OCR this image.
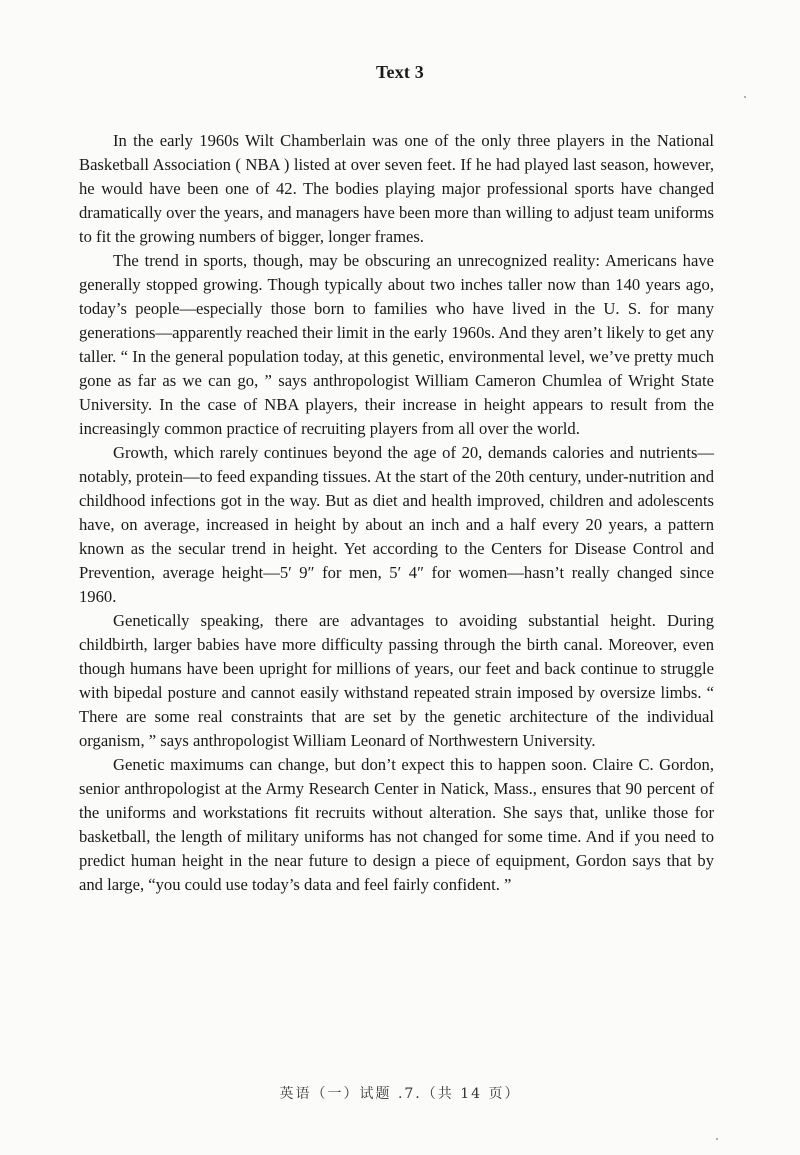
Text 3

In the early 1960s Wilt Chamberlain was one of the only three players in the National Basketball Association ( NBA ) listed at over seven feet. If he had played last season, however, he would have been one of 42. The bodies playing major professional sports have changed dramatically over the years, and managers have been more than willing to adjust team uniforms to fit the growing numbers of bigger, longer frames.

The trend in sports, though, may be obscuring an unrecognized reality: Americans have generally stopped growing. Though typically about two inches taller now than 140 years ago, today’s people—especially those born to families who have lived in the U. S. for many generations—apparently reached their limit in the early 1960s. And they aren’t likely to get any taller. “ In the general population today, at this genetic, environmental level, we’ve pretty much gone as far as we can go, ” says anthropologist William Cameron Chumlea of Wright State University. In the case of NBA players, their increase in height appears to result from the increasingly common practice of recruiting players from all over the world.

Growth, which rarely continues beyond the age of 20, demands calories and nutrients—notably, protein—to feed expanding tissues. At the start of the 20th century, under-nutrition and childhood infections got in the way. But as diet and health improved, children and adolescents have, on average, increased in height by about an inch and a half every 20 years, a pattern known as the secular trend in height. Yet according to the Centers for Disease Control and Prevention, average height—5′ 9″ for men, 5′ 4″ for women—hasn’t really changed since 1960.

Genetically speaking, there are advantages to avoiding substantial height. During childbirth, larger babies have more difficulty passing through the birth canal. Moreover, even though humans have been upright for millions of years, our feet and back continue to struggle with bipedal posture and cannot easily withstand repeated strain imposed by oversize limbs. “ There are some real constraints that are set by the genetic architecture of the individual organism, ” says anthropologist William Leonard of Northwestern University.

Genetic maximums can change, but don’t expect this to happen soon. Claire C. Gordon, senior anthropologist at the Army Research Center in Natick, Mass., ensures that 90 percent of the uniforms and workstations fit recruits without alteration. She says that, unlike those for basketball, the length of military uniforms has not changed for some time. And if you need to predict human height in the near future to design a piece of equipment, Gordon says that by and large, “you could use today’s data and feel fairly confident. ”

英语（一）试题 .7.（共 14 页）
